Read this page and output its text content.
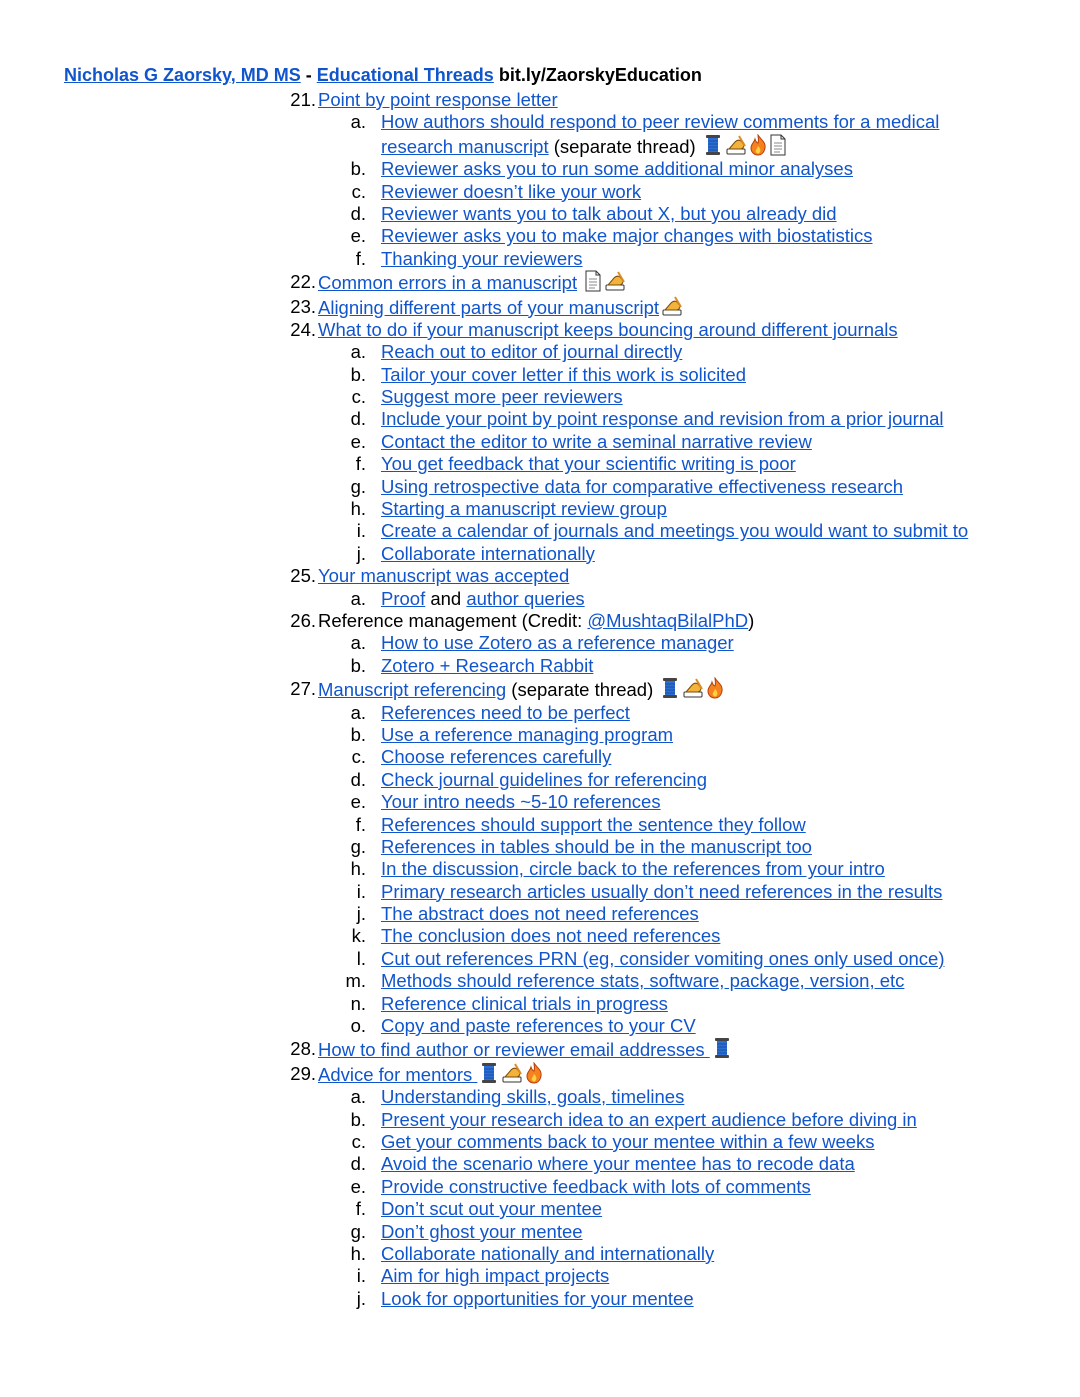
Nicholas G Zaorsky, MD MS - Educational Threads bit.ly/ZaorskyEducation
21. Point by point response letter
a. How authors should respond to peer review comments for a medical
research manuscript (separate thread)
b. Reviewer asks you to run some additional minor analyses
c. Reviewer doesn’t like your work
d. Reviewer wants you to talk about X, but you already did
e. Reviewer asks you to make major changes with biostatistics
f. Thanking your reviewers
22. Common errors in a manuscript
23. Aligning different parts of your manuscript
24. What to do if your manuscript keeps bouncing around different journals
a. Reach out to editor of journal directly
b. Tailor your cover letter if this work is solicited
c. Suggest more peer reviewers
d. Include your point by point response and revision from a prior journal
e. Contact the editor to write a seminal narrative review
f. You get feedback that your scientific writing is poor
g. Using retrospective data for comparative effectiveness research
h. Starting a manuscript review group
i. Create a calendar of journals and meetings you would want to submit to
j. Collaborate internationally
25. Your manuscript was accepted
a. Proof and author queries
26. Reference management (Credit: @MushtaqBilalPhD)
a. How to use Zotero as a reference manager
b. Zotero + Research Rabbit
27. Manuscript referencing (separate thread)
a. References need to be perfect
b. Use a reference managing program
c. Choose references carefully
d. Check journal guidelines for referencing
e. Your intro needs ~5-10 references
f. References should support the sentence they follow
g. References in tables should be in the manuscript too
h. In the discussion, circle back to the references from your intro
i. Primary research articles usually don’t need references in the results
j. The abstract does not need references
k. The conclusion does not need references
l. Cut out references PRN (eg, consider vomiting ones only used once)
m. Methods should reference stats, software, package, version, etc
n. Reference clinical trials in progress
o. Copy and paste references to your CV
28. How to find author or reviewer email addresses
29. Advice for mentors
a. Understanding skills, goals, timelines
b. Present your research idea to an expert audience before diving in
c. Get your comments back to your mentee within a few weeks
d. Avoid the scenario where your mentee has to recode data
e. Provide constructive feedback with lots of comments
f. Don’t scut out your mentee
g. Don’t ghost your mentee
h. Collaborate nationally and internationally
i. Aim for high impact projects
j. Look for opportunities for your mentee
